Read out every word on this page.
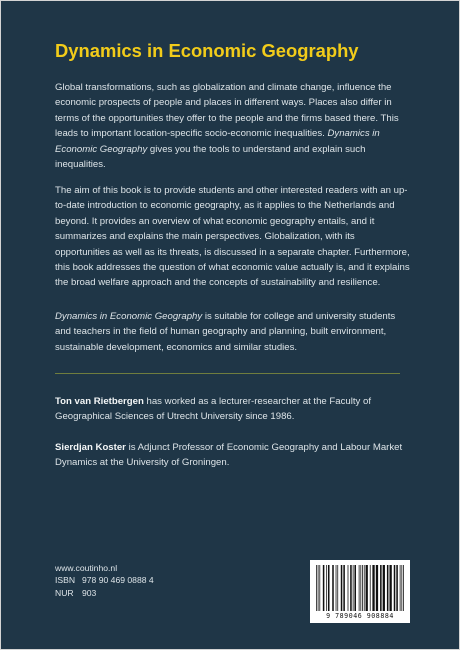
Dynamics in Economic Geography

Global transformations, such as globalization and climate change, influence the economic prospects of people and places in different ways. Places also differ in terms of the opportunities they offer to the people and the firms based there. This leads to important location-specific socio-economic inequalities. Dynamics in Economic Geography gives you the tools to understand and explain such inequalities.

The aim of this book is to provide students and other interested readers with an up-to-date introduction to economic geography, as it applies to the Netherlands and beyond. It provides an overview of what economic geography entails, and it summarizes and explains the main perspectives. Globalization, with its opportunities as well as its threats, is discussed in a separate chapter. Furthermore, this book addresses the question of what economic value actually is, and it explains the broad welfare approach and the concepts of sustainability and resilience.

Dynamics in Economic Geography is suitable for college and university students and teachers in the field of human geography and planning, built environment, sustainable development, economics and similar studies.

Ton van Rietbergen has worked as a lecturer-researcher at the Faculty of Geographical Sciences of Utrecht University since 1986.

Sierdjan Koster is Adjunct Professor of Economic Geography and Labour Market Dynamics at the University of Groningen.

www.coutinho.nl
ISBN 978 90 469 0888 4
NUR 903
9 789046 908884
